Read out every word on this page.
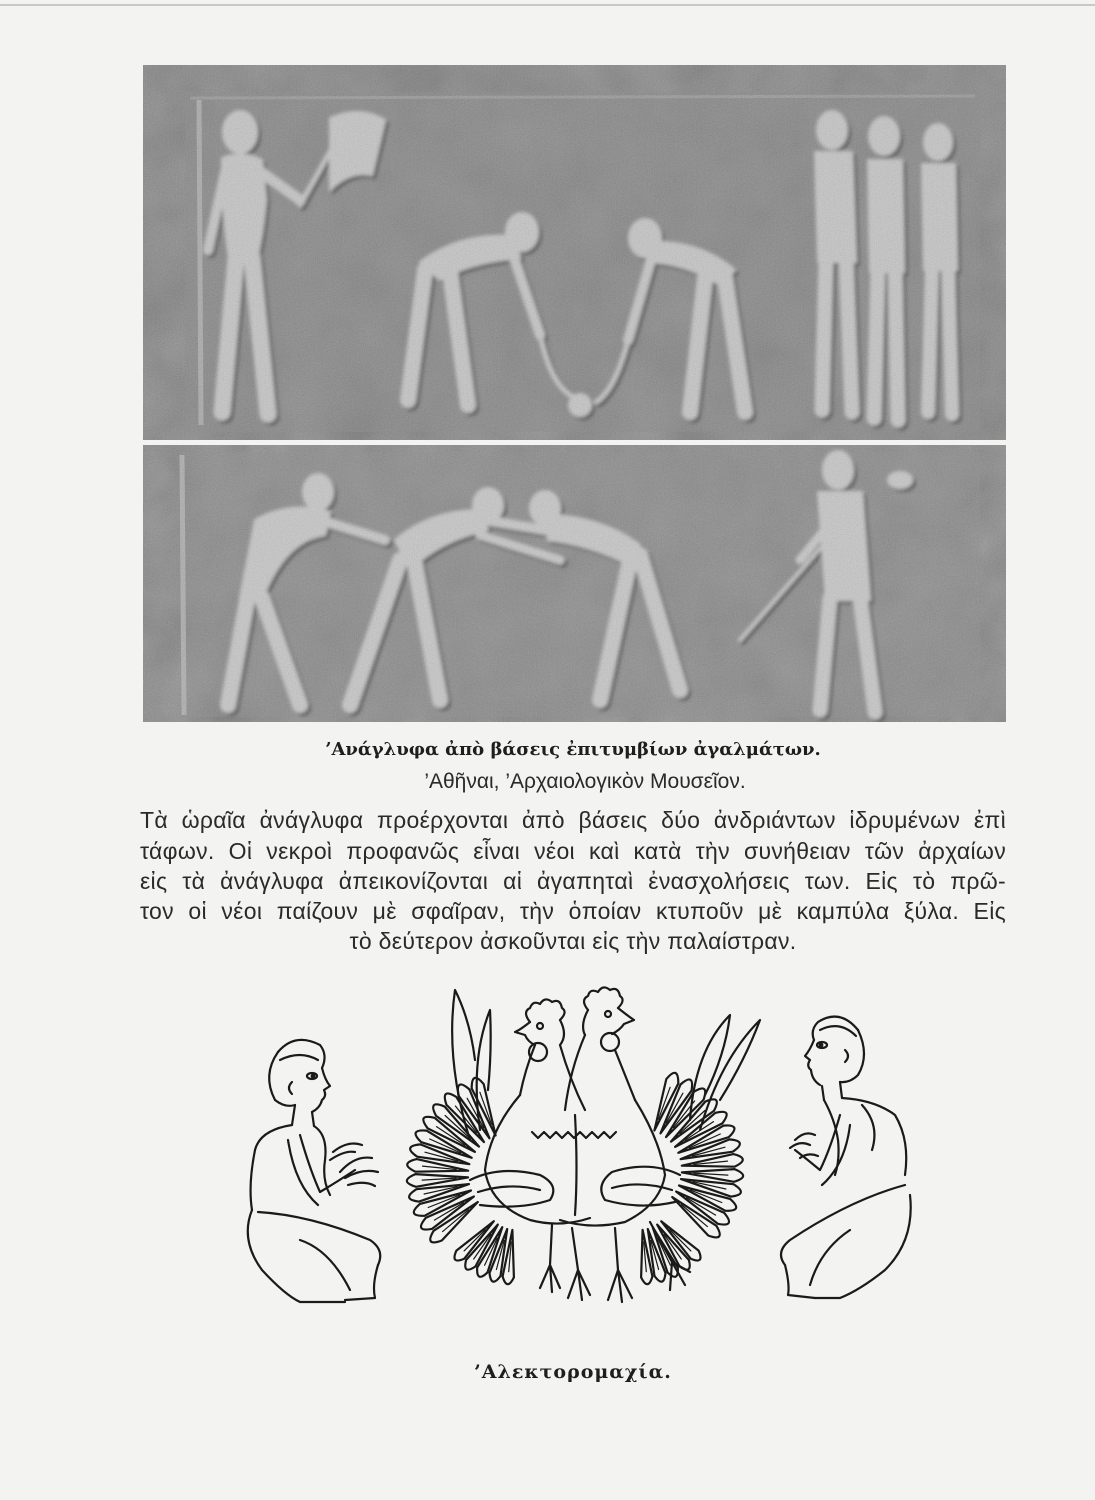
’Ανάγλυφα ἀπὸ βάσεις ἐπιτυμβίων ἀγαλμάτων.
’Αθῆναι, ’Αρχαιολογικὸν Μουσεῖον.
Τὰ ὡραῖα ἀνάγλυφα προέρχονται ἀπὸ βάσεις δύο ἀνδριάντων ἱδρυμένων ἐπὶ
τάφων. Οἱ νεκροὶ προφανῶς εἶναι νέοι καὶ κατὰ τὴν συνήθειαν τῶν ἀρχαίων
εἰς τὰ ἀνάγλυφα ἀπεικονίζονται αἱ ἀγαπηταὶ ἐνασχολήσεις των. Εἰς τὸ πρῶ-
τον οἱ νέοι παίζουν μὲ σφαῖραν, τὴν ὁποίαν κτυποῦν μὲ καμπύλα ξύλα. Εἰς
τὸ δεύτερον ἀσκοῦνται εἰς τὴν παλαίστραν.
’Αλεκτορομαχία.
